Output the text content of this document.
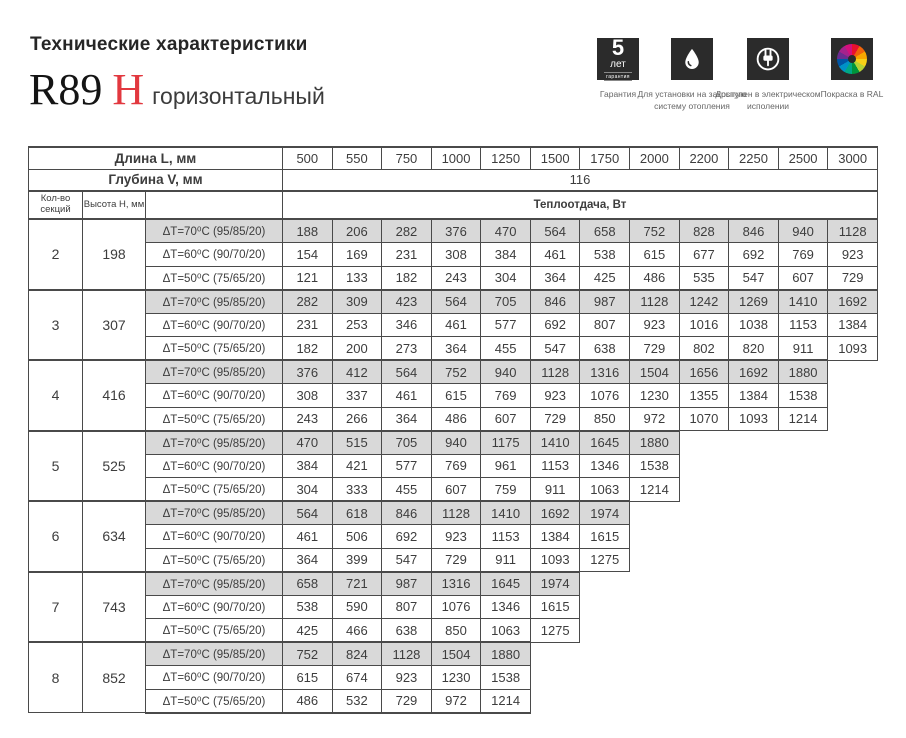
Технические характеристики
R89 H горизонтальный
5
лет
гарантия
Гарантия Для установки на закрытую систему отопления
Доступен в электрическом исполении
Покраска в RAL
Длина L, мм			500	550	750	1000	1250	1500	1750	2000	2200	2250	2500	3000
Глубина V, мм			116											
Кол-во секций	Высота H, мм		Теплоотдача, Вт											
2	198	ΔT=70⁰C (95/85/20)	188	206	282	376	470	564	658	752	828	846	940	1128
		ΔT=60⁰C (90/70/20)	154	169	231	308	384	461	538	615	677	692	769	923
		ΔT=50⁰C (75/65/20)	121	133	182	243	304	364	425	486	535	547	607	729
3	307	ΔT=70⁰C (95/85/20)	282	309	423	564	705	846	987	1128	1242	1269	1410	1692
		ΔT=60⁰C (90/70/20)	231	253	346	461	577	692	807	923	1016	1038	1153	1384
		ΔT=50⁰C (75/65/20)	182	200	273	364	455	547	638	729	802	820	911	1093
4	416	ΔT=70⁰C (95/85/20)	376	412	564	752	940	1128	1316	1504	1656	1692	1880	
		ΔT=60⁰C (90/70/20)	308	337	461	615	769	923	1076	1230	1355	1384	1538	
		ΔT=50⁰C (75/65/20)	243	266	364	486	607	729	850	972	1070	1093	1214	
5	525	ΔT=70⁰C (95/85/20)	470	515	705	940	1175	1410	1645	1880				
		ΔT=60⁰C (90/70/20)	384	421	577	769	961	1153	1346	1538				
		ΔT=50⁰C (75/65/20)	304	333	455	607	759	911	1063	1214				
6	634	ΔT=70⁰C (95/85/20)	564	618	846	1128	1410	1692	1974					
		ΔT=60⁰C (90/70/20)	461	506	692	923	1153	1384	1615					
		ΔT=50⁰C (75/65/20)	364	399	547	729	911	1093	1275					
7	743	ΔT=70⁰C (95/85/20)	658	721	987	1316	1645	1974						
		ΔT=60⁰C (90/70/20)	538	590	807	1076	1346	1615						
		ΔT=50⁰C (75/65/20)	425	466	638	850	1063	1275						
8	852	ΔT=70⁰C (95/85/20)	752	824	1128	1504	1880							
		ΔT=60⁰C (90/70/20)	615	674	923	1230	1538							
		ΔT=50⁰C (75/65/20)	486	532	729	972	1214							
